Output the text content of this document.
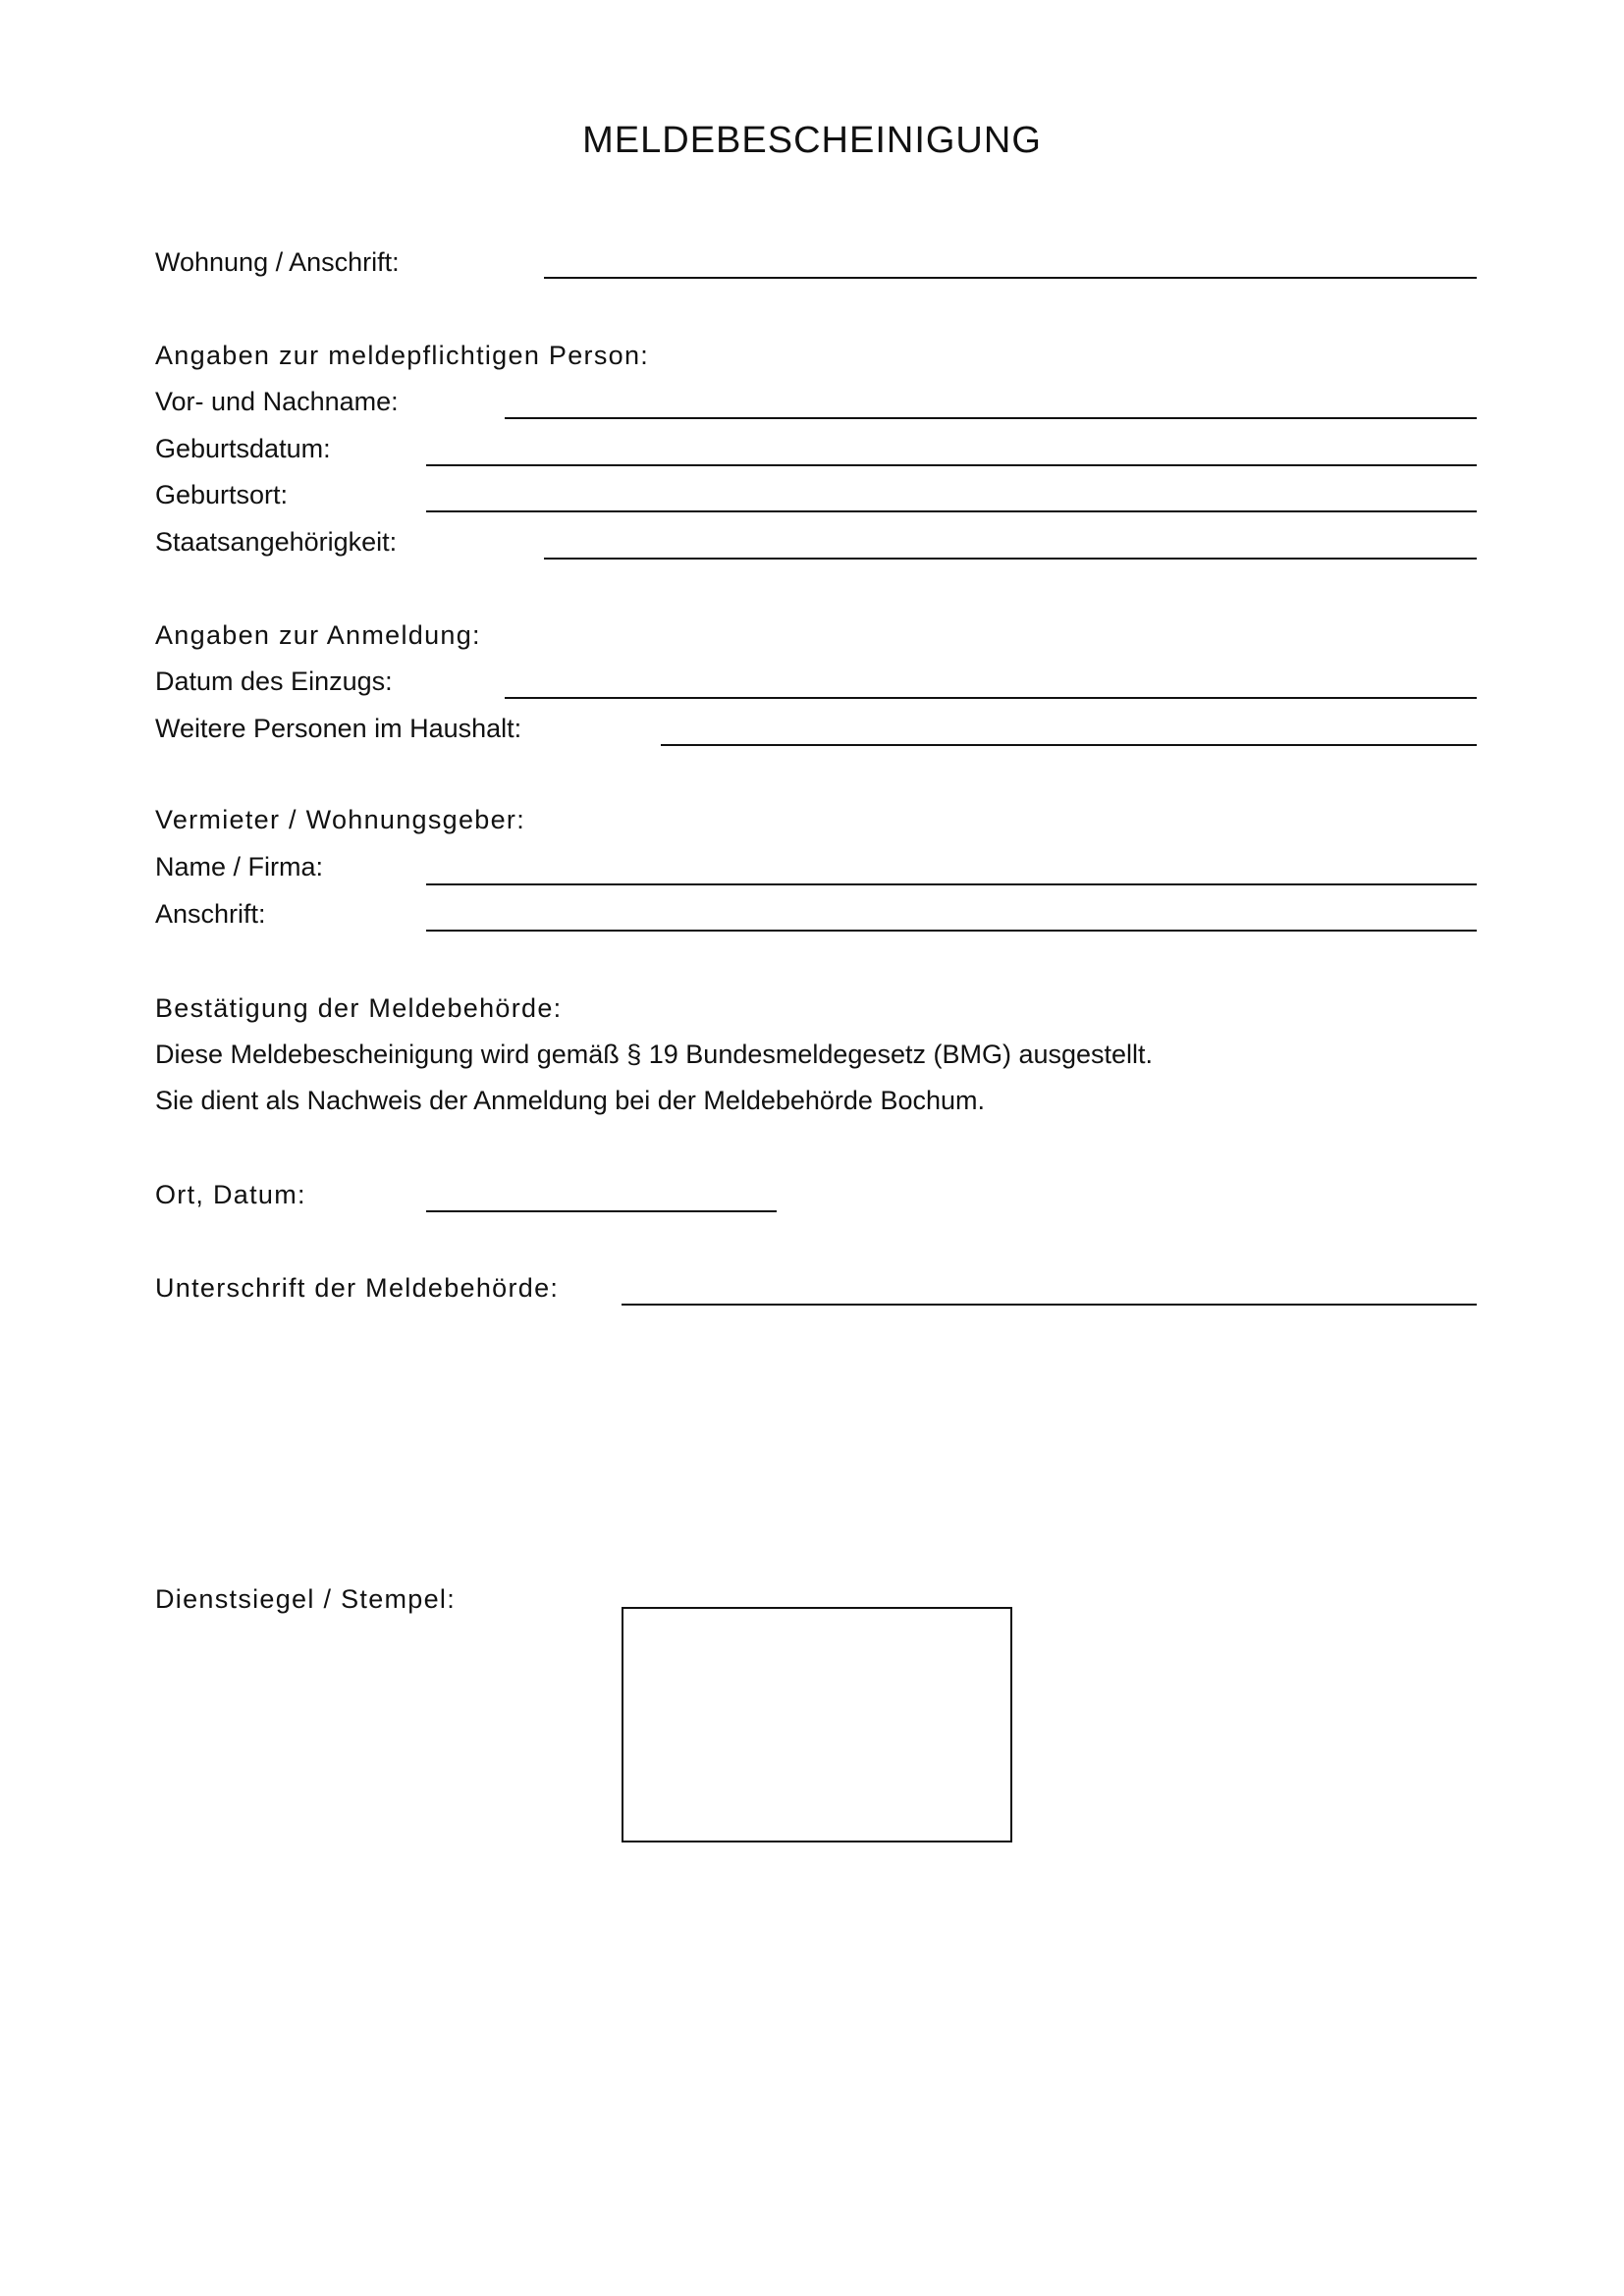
MELDEBESCHEINIGUNG
Wohnung / Anschrift:
Angaben zur meldepflichtigen Person:
Vor- und Nachname:
Geburtsdatum:
Geburtsort:
Staatsangehörigkeit:
Angaben zur Anmeldung:
Datum des Einzugs:
Weitere Personen im Haushalt:
Vermieter / Wohnungsgeber:
Name / Firma:
Anschrift:
Bestätigung der Meldebehörde:
Diese Meldebescheinigung wird gemäß § 19 Bundesmeldegesetz (BMG) ausgestellt.
Sie dient als Nachweis der Anmeldung bei der Meldebehörde Bochum.
Ort, Datum:
Unterschrift der Meldebehörde:
Dienstsiegel / Stempel:
